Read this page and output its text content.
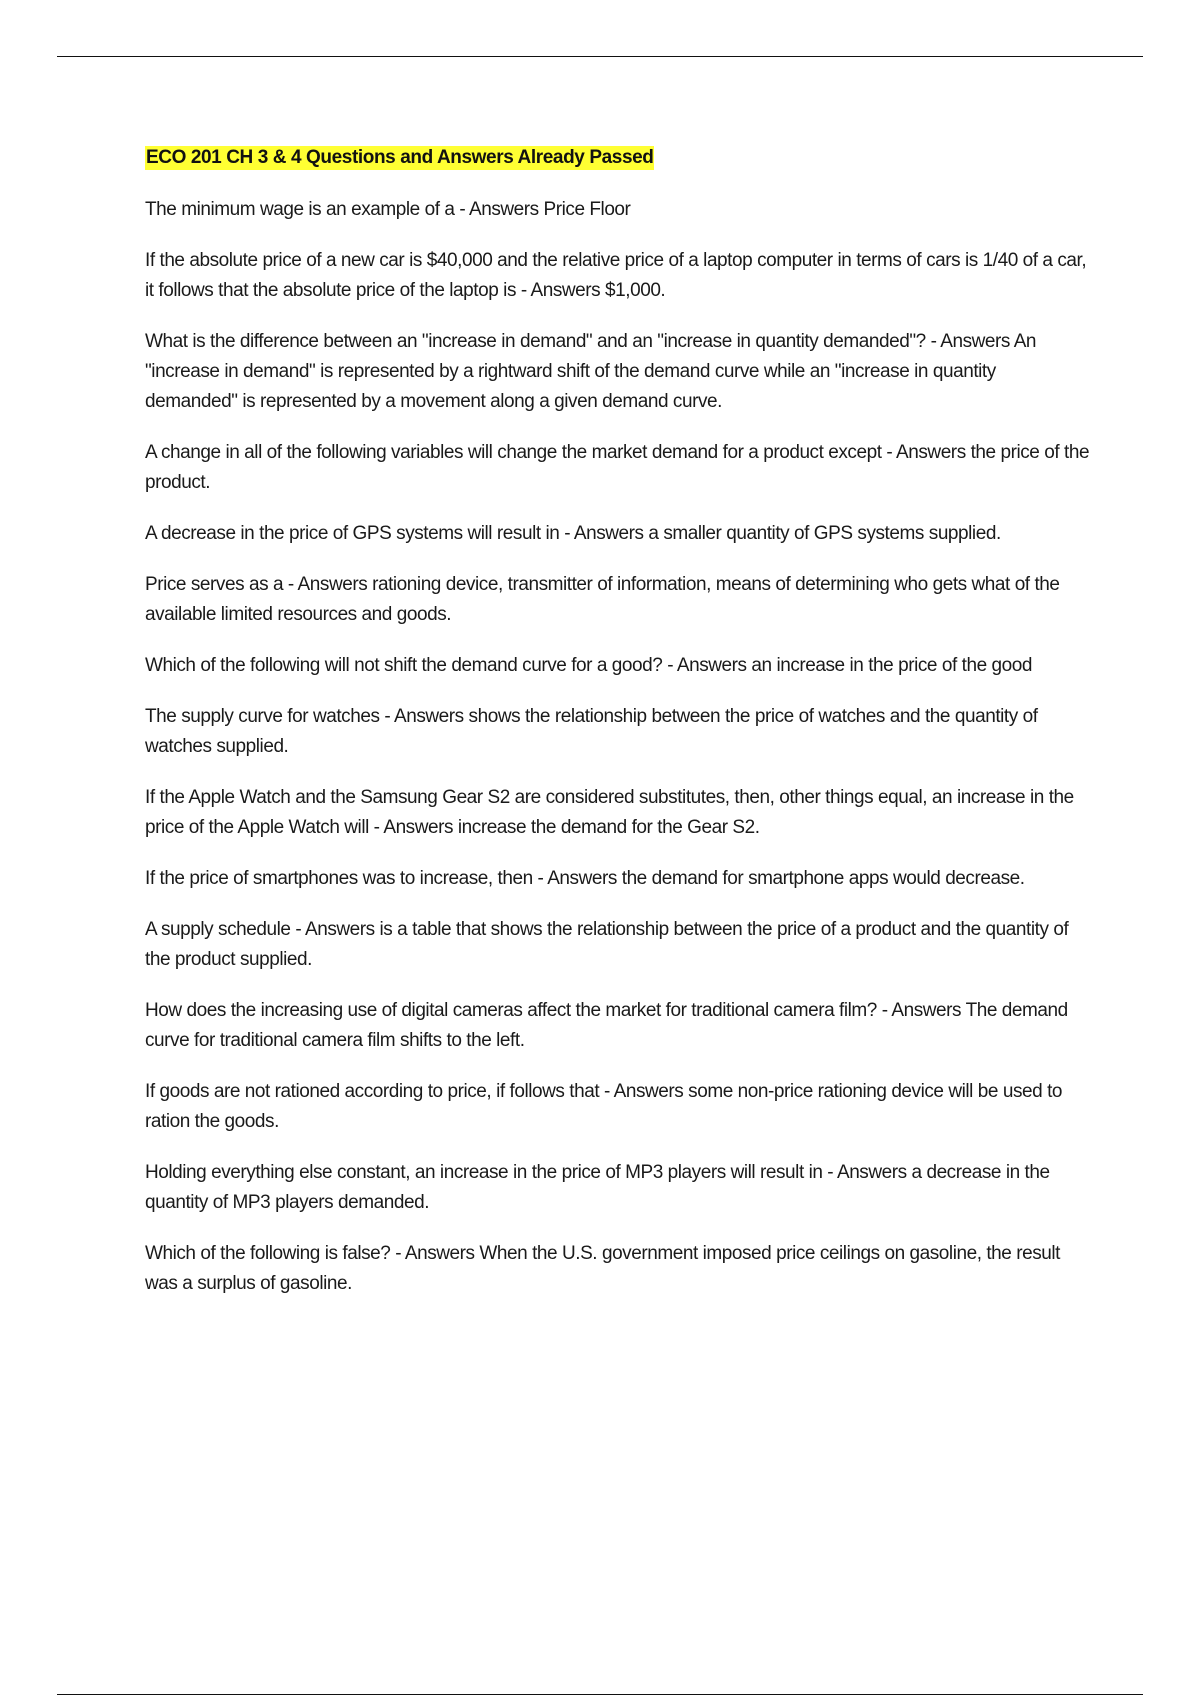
ECO 201 CH 3 & 4 Questions and Answers Already Passed
The minimum wage is an example of a - Answers Price Floor
If the absolute price of a new car is $40,000 and the relative price of a laptop computer in terms of cars is 1/40 of a car, it follows that the absolute price of the laptop is - Answers $1,000.
What is the difference between an "increase in demand" and an "increase in quantity demanded"? - Answers An "increase in demand" is represented by a rightward shift of the demand curve while an "increase in quantity demanded" is represented by a movement along a given demand curve.
A change in all of the following variables will change the market demand for a product except - Answers the price of the product.
A decrease in the price of GPS systems will result in - Answers a smaller quantity of GPS systems supplied.
Price serves as a - Answers rationing device, transmitter of information, means of determining who gets what of the available limited resources and goods.
Which of the following will not shift the demand curve for a good? - Answers an increase in the price of the good
The supply curve for watches - Answers shows the relationship between the price of watches and the quantity of watches supplied.
If the Apple Watch and the Samsung Gear S2 are considered substitutes, then, other things equal, an increase in the price of the Apple Watch will - Answers increase the demand for the Gear S2.
If the price of smartphones was to increase, then - Answers the demand for smartphone apps would decrease.
A supply schedule - Answers is a table that shows the relationship between the price of a product and the quantity of the product supplied.
How does the increasing use of digital cameras affect the market for traditional camera film? - Answers The demand curve for traditional camera film shifts to the left.
If goods are not rationed according to price, if follows that - Answers some non-price rationing device will be used to ration the goods.
Holding everything else constant, an increase in the price of MP3 players will result in - Answers a decrease in the quantity of MP3 players demanded.
Which of the following is false? - Answers When the U.S. government imposed price ceilings on gasoline, the result was a surplus of gasoline.
